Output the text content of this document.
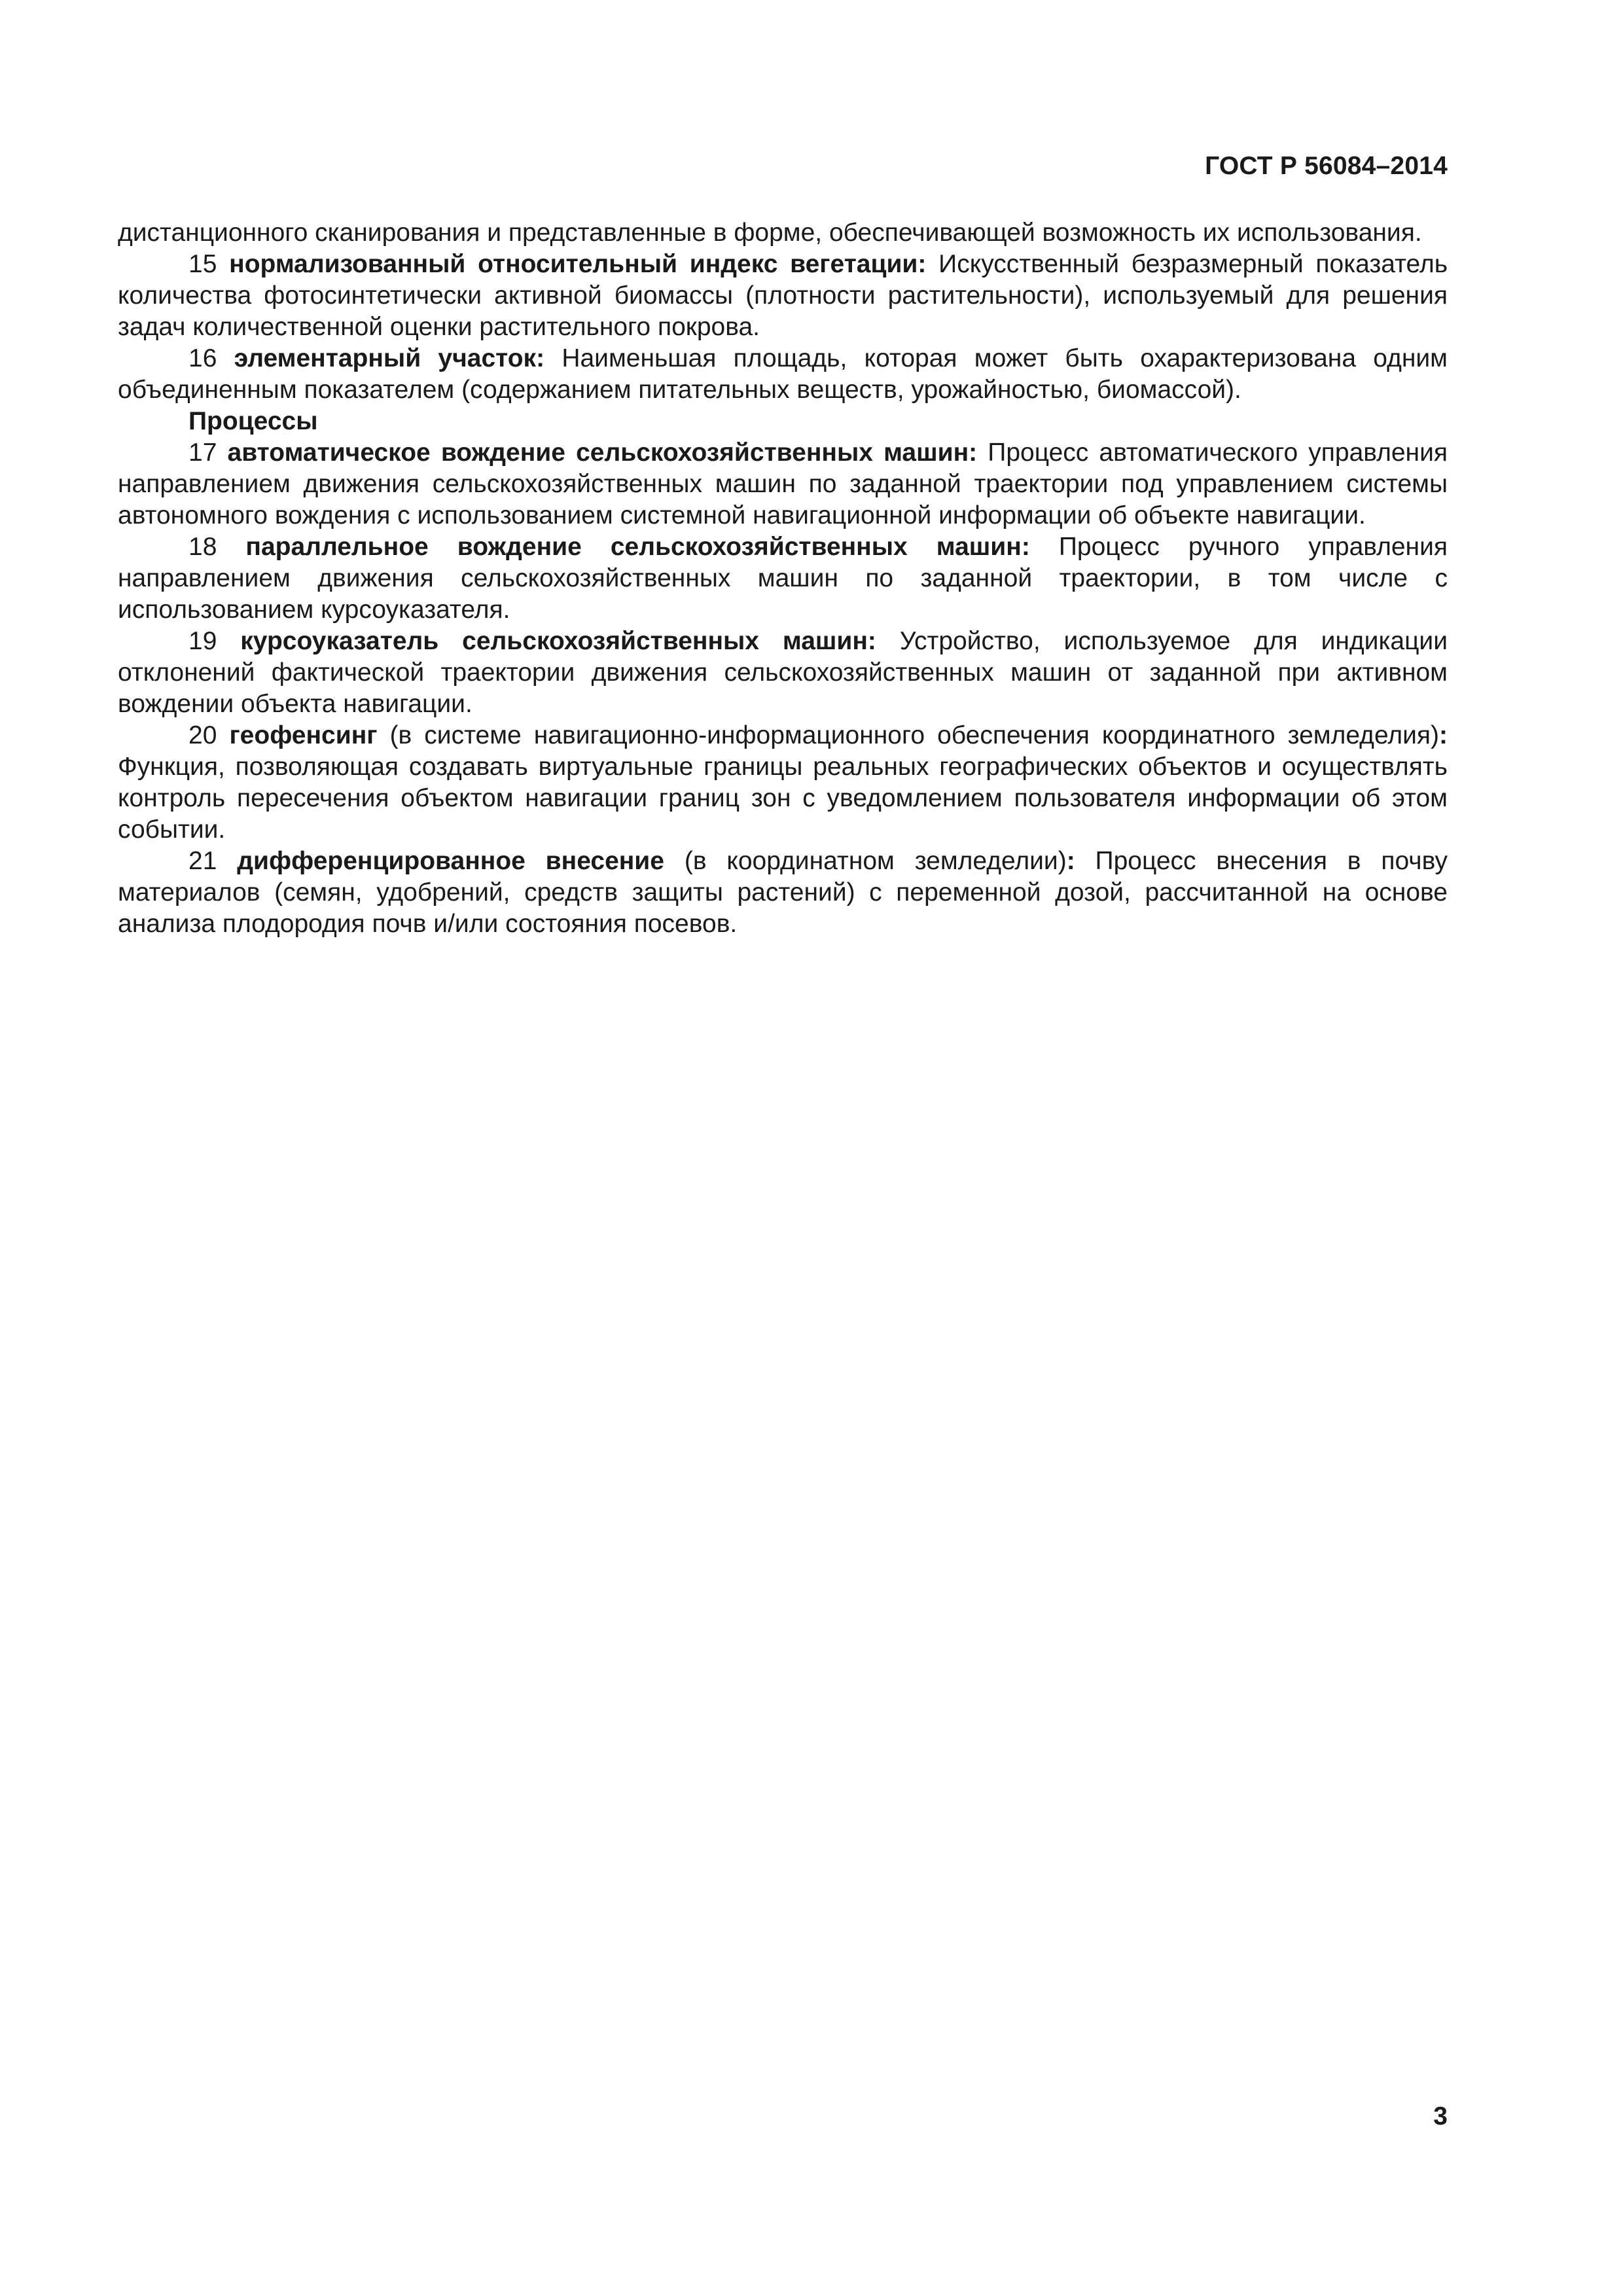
ГОСТ Р 56084–2014

дистанционного сканирования и представленные в форме, обеспечивающей возможность их использования.

15 нормализованный относительный индекс вегетации: Искусственный безразмерный показатель количества фотосинтетически активной биомассы (плотности растительности), используемый для решения задач количественной оценки растительного покрова.

16 элементарный участок: Наименьшая площадь, которая может быть охарактеризована одним объединенным показателем (содержанием питательных веществ, урожайностью, биомассой).

Процессы

17 автоматическое вождение сельскохозяйственных машин: Процесс автоматического управления направлением движения сельскохозяйственных машин по заданной траектории под управлением системы автономного вождения с использованием системной навигационной информации об объекте навигации.

18 параллельное вождение сельскохозяйственных машин: Процесс ручного управления направлением движения сельскохозяйственных машин по заданной траектории, в том числе с использованием курсоуказателя.

19 курсоуказатель сельскохозяйственных машин: Устройство, используемое для индикации отклонений фактической траектории движения сельскохозяйственных машин от заданной при активном вождении объекта навигации.

20 геофенсинг (в системе навигационно-информационного обеспечения координатного земледелия): Функция, позволяющая создавать виртуальные границы реальных географических объектов и осуществлять контроль пересечения объектом навигации границ зон с уведомлением пользователя информации об этом событии.

21 дифференцированное внесение (в координатном земледелии): Процесс внесения в почву материалов (семян, удобрений, средств защиты растений) с переменной дозой, рассчитанной на основе анализа плодородия почв и/или состояния посевов.

3
